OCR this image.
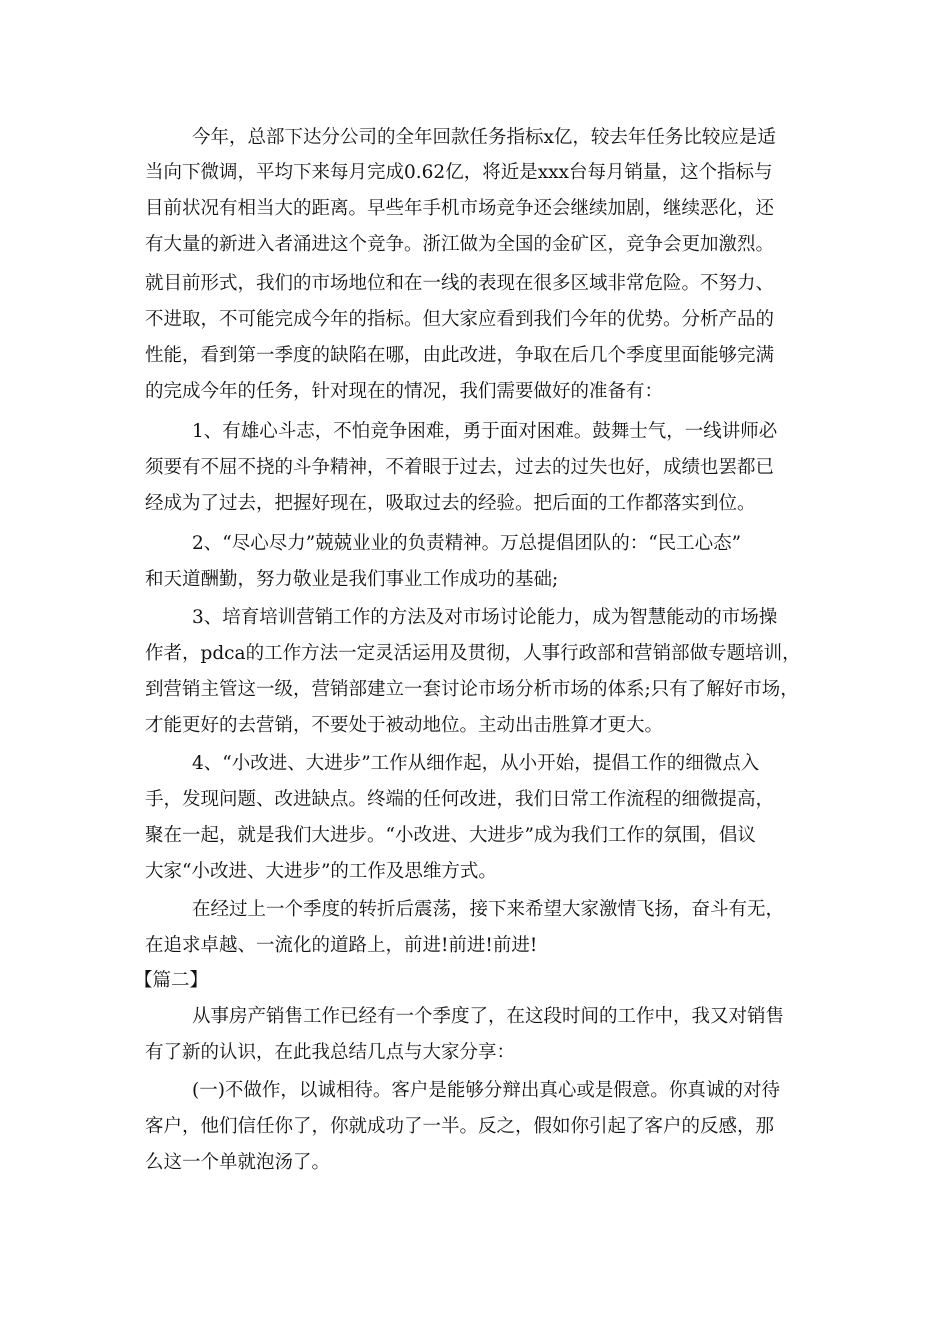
今年，总部下达分公司的全年回款任务指标x亿，较去年任务比较应是适

当向下微调，平均下来每月完成0.62亿，将近是xxx台每月销量，这个指标与

目前状况有相当大的距离。早些年手机市场竞争还会继续加剧，继续恶化，还

有大量的新进入者涌进这个竞争。浙江做为全国的金矿区，竞争会更加激烈。

就目前形式，我们的市场地位和在一线的表现在很多区域非常危险。不努力、

不进取，不可能完成今年的指标。但大家应看到我们今年的优势。分析产品的

性能，看到第一季度的缺陷在哪，由此改进，争取在后几个季度里面能够完满

的完成今年的任务，针对现在的情况，我们需要做好的准备有：

1、有雄心斗志，不怕竞争困难，勇于面对困难。鼓舞士气，一线讲师必

须要有不屈不挠的斗争精神，不着眼于过去，过去的过失也好，成绩也罢都已

经成为了过去，把握好现在，吸取过去的经验。把后面的工作都落实到位。

2、“尽心尽力”兢兢业业的负责精神。万总提倡团队的：“民工心态”

和天道酬勤，努力敬业是我们事业工作成功的基础;

3、培育培训营销工作的方法及对市场讨论能力，成为智慧能动的市场操

作者，pdca的工作方法一定灵活运用及贯彻，人事行政部和营销部做专题培训，

到营销主管这一级，营销部建立一套讨论市场分析市场的体系;只有了解好市场，

才能更好的去营销，不要处于被动地位。主动出击胜算才更大。

4、“小改进、大进步”工作从细作起，从小开始，提倡工作的细微点入

手，发现问题、改进缺点。终端的任何改进，我们日常工作流程的细微提高，

聚在一起，就是我们大进步。“小改进、大进步”成为我们工作的氛围，倡议

大家“小改进、大进步”的工作及思维方式。

在经过上一个季度的转折后震荡，接下来希望大家激情飞扬，奋斗有无，

在追求卓越、一流化的道路上，前进!前进!前进!

【篇二】

从事房产销售工作已经有一个季度了，在这段时间的工作中，我又对销售

有了新的认识，在此我总结几点与大家分享：

(一)不做作，以诚相待。客户是能够分辩出真心或是假意。你真诚的对待

客户，他们信任你了，你就成功了一半。反之，假如你引起了客户的反感，那

么这一个单就泡汤了。
